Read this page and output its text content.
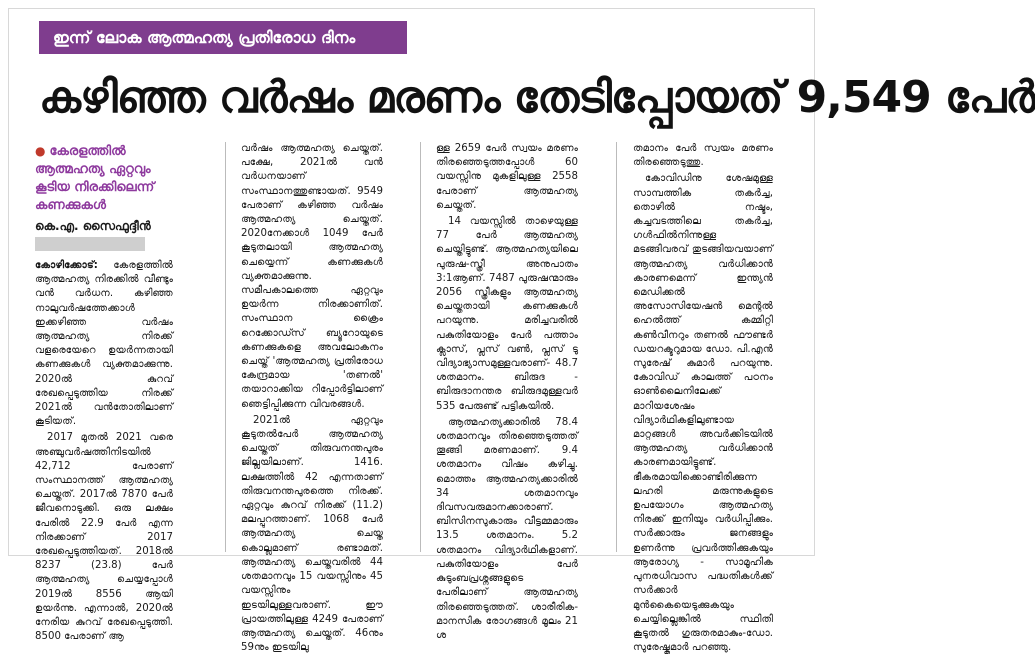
ഇന്ന് ലോക ആത്മഹത്യ പ്രതിരോധ ദിനം
കഴിഞ്ഞ വർഷം മരണം തേടിപ്പോയത് 9,549 പേർ

● കേരളത്തിൽ ആത്മഹത്യ ഏറ്റവും കൂടിയ നിരക്കിലെന്ന് കണക്കുകൾ

കെ.എ. സൈഫുദ്ദീൻ

കോഴിക്കോട്: കേരളത്തിൽ ആത്മഹത്യ നിരക്കിൽ വീണ്ടും വൻ വർധന. കഴിഞ്ഞ നാലുവർഷത്തേക്കാൾ ഇക്കഴിഞ്ഞ വർഷം ആത്മഹത്യ നിരക്ക് വളരെയേറെ ഉയർന്നതായി കണക്കുകൾ വ്യക്തമാക്കുന്നു. 2020ൽ കുറവ് രേഖപ്പെടുത്തിയ നിരക്ക് 2021ൽ വൻതോതിലാണ് കൂടിയത്.

2017 മുതൽ 2021 വരെ അഞ്ചുവർഷത്തിനിടയിൽ 42,712 പേരാണ് സംസ്ഥാനത്ത് ആത്മഹത്യ ചെയ്തത്. 2017ൽ 7870 പേർ ജീവനൊടുക്കി. ഒരു ലക്ഷം പേരിൽ 22.9 പേർ എന്ന നിരക്കാണ് 2017 രേഖപ്പെടുത്തിയത്. 2018ൽ 8237 (23.8) പേർ ആത്മഹത്യ ചെയ്യപ്പോൾ 2019ൽ 8556 ആയി ഉയർന്നു. എന്നാൽ, 2020ൽ നേരിയ കുറവ് രേഖപ്പെടുത്തി. 8500 പേരാണ് ആ

വർഷം ആത്മഹത്യ ചെയ്തത്. പക്ഷേ, 2021ൽ വൻ വർധനയാണ് സംസ്ഥാനത്തുണ്ടായത്. 9549 പേരാണ് കഴിഞ്ഞ വർഷം ആത്മഹത്യ ചെയ്തത്. 2020നേക്കാൾ 1049 പേർ കൂടുതലായി ആത്മഹത്യ ചെയ്യെന്ന് കണക്കുകൾ വ്യക്തമാക്കുന്നു. സമീപകാലത്തെ ഏറ്റവും ഉയർന്ന നിരക്കാണിത്. സംസ്ഥാന ക്രൈം റെക്കോഡ്സ് ബ്യൂറോയുടെ കണക്കുകളെ അവലോകനം ചെയ്ത് 'ആത്മഹത്യ പ്രതിരോധ കേന്ദ്രമായ 'തണൽ' തയാറാക്കിയ റിപ്പോർട്ടിലാണ് ഞെട്ടിപ്പിക്കുന്ന വിവരങ്ങൾ.

2021ൽ ഏറ്റവും കൂടുതൽപേർ ആത്മഹത്യ ചെയ്തത് തിരുവനന്തപുരം ജില്ലയിലാണ്. 1416. ലക്ഷത്തിൽ 42 എന്നതാണ് തിരുവനന്തപുരത്തെ നിരക്ക്. ഏറ്റവും കുറവ് നിരക്ക് (11.2) മലപ്പുറത്താണ്. 1068 പേർ ആത്മഹത്യ ചെയ്ത കൊല്ലമാണ് രണ്ടാമത്. ആത്മഹത്യ ചെയ്തവരിൽ 44 ശതമാനവും 15 വയസ്സിനും 45 വയസ്സിനും ഇടയിലുള്ളവരാണ്. ഈ പ്രായത്തിലുള്ള 4249 പേരാണ് ആത്മഹത്യ ചെയ്തത്. 46നും 59നും ഇടയിലു

ള്ള 2659 പേർ സ്വയം മരണം തിരഞ്ഞെടുത്തപ്പോൾ 60 വയസ്സിനു മുകളിലുള്ള 2558 പേരാണ് ആത്മഹത്യ ചെയ്തത്.

14 വയസ്സിൽ താഴെയുള്ള 77 പേർ ആത്മഹത്യ ചെയ്തിട്ടുണ്ട്. ആത്മഹത്യയിലെ പുരുഷ-സ്ത്രീ അനുപാതം 3:1ആണ്. 7487 പുരുഷന്മാരും 2056 സ്ത്രീകളും ആത്മഹത്യ ചെയ്തതായി കണക്കുകൾ പറയുന്നു. മരിച്ചവരിൽ പകുതിയോളം പേർ പത്താം ക്ലാസ്, പ്ലസ് വൺ, പ്ലസ് ടു വിദ്യാഭ്യാസമുള്ളവരാണ്- 48.7 ശതമാനം. ബിരുദ - ബിരുദാനന്തര ബിരുദമുള്ളവർ 535 പേരുണ്ട് പട്ടികയിൽ.

ആത്മഹത്യക്കാരിൽ 78.4 ശതമാനവും തിരഞ്ഞെടുത്തത് തൂങ്ങി മരണമാണ്. 9.4 ശതമാനം വിഷം കഴിച്ചു. മൊത്തം ആത്മഹത്യക്കാരിൽ 34 ശതമാനവും ദിവസവരുമാനക്കാരാണ്. ബിസിനസുകാരും വീട്ടമ്മമാരും 13.5 ശതമാനം. 5.2 ശതമാനം വിദ്യാർഥികളാണ്. പകുതിയോളം പേർ കുടുംബപ്രശ്നങ്ങളുടെ പേരിലാണ് ആത്മഹത്യ തിരഞ്ഞെടുത്തത്. ശാരീരിക-മാനസിക രോഗങ്ങൾ മൂലം 21 ശ

തമാനം പേർ സ്വയം മരണം തിരഞ്ഞെടുത്തു.

കോവിഡിനു ശേഷമുള്ള സാമ്പത്തിക തകർച്ച, തൊഴിൽ നഷ്ടം, കച്ചവടത്തിലെ തകർച്ച, ഗൾഫിൽനിന്നുള്ള മടങ്ങിവരവ് തുടങ്ങിയവയാണ് ആത്മഹത്യ വർധിക്കാൻ കാരണമെന്ന് ഇന്ത്യൻ മെഡിക്കൽ അസോസിയേഷൻ മെന്റൽ ഹെൽത്ത് കമ്മിറ്റി കൺവീനറും തണൽ ഫൗണ്ടർ ഡയറക്ടറുമായ ഡോ. പി.എൻ സുരേഷ് കുമാർ പറയുന്നു. കോവിഡ് കാലത്ത് പഠനം ഓൺലൈനിലേക്ക് മാറിയശേഷം വിദ്യാർഥികളിലുണ്ടായ മാറ്റങ്ങൾ അവർക്കിടയിൽ ആത്മഹത്യ വർധിക്കാൻ കാരണമായിട്ടുണ്ട്. ഭീകരമായിക്കൊണ്ടിരിക്കുന്ന ലഹരി മരുന്നുകളുടെ ഉപയോഗം ആത്മഹത്യ നിരക്ക് ഇനിയും വർധിപ്പിക്കും. സർക്കാരും ജനങ്ങളും ഉണർന്നു പ്രവർത്തിക്കുകയും ആരോഗ്യ - സാമൂഹിക പുനരധിവാസ പദ്ധതികൾക്ക് സർക്കാർ മുൻകൈയെടുക്കുകയും ചെയ്യില്ലെങ്കിൽ സ്ഥിതി കൂടുതൽ ഗുരുതരമാകും-ഡോ. സുരേഷ്കുമാർ പറഞ്ഞു.
